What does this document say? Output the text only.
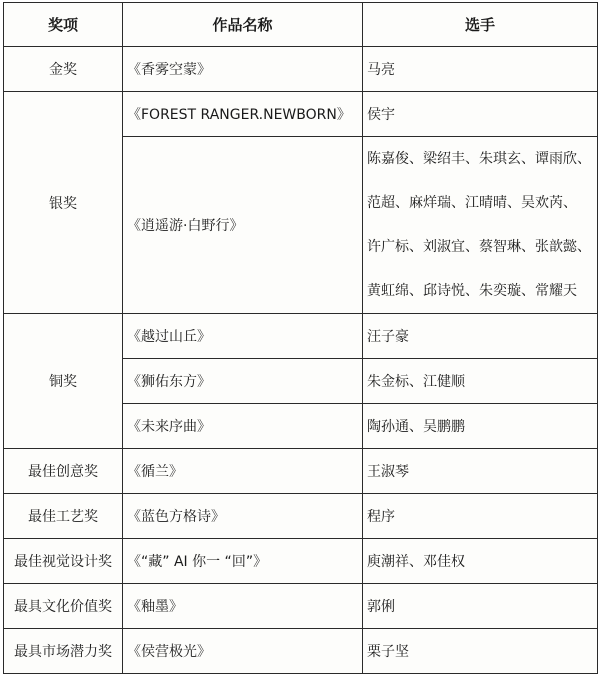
奖项	作品名称	选手
金奖	《香雾空蒙》	马亮
银奖	《FOREST RANGER.NEWBORN》	侯宇
	《逍遥游·白野行》	陈嘉俊、梁绍丰、朱琪玄、谭雨欣、
范超、麻烊瑞、江晴晴、吴欢芮、
许广标、刘淑宜、蔡智琳、张歆懿、
黄虹绵、邱诗悦、朱奕璇、常耀天

铜奖	《越过山丘》	汪子豪
	《狮佑东方》	朱金标、江健顺
	《未来序曲》	陶孙通、吴鹏鹏
最佳创意奖	《循兰》	王淑琴
最佳工艺奖	《蓝色方格诗》	程序
最佳视觉设计奖	《“藏” AI 你一 “回”》	庾潮祥、邓佳权
最具文化价值奖	《釉墨》	郭俐
最具市场潜力奖	《侯营极光》	栗子坚
